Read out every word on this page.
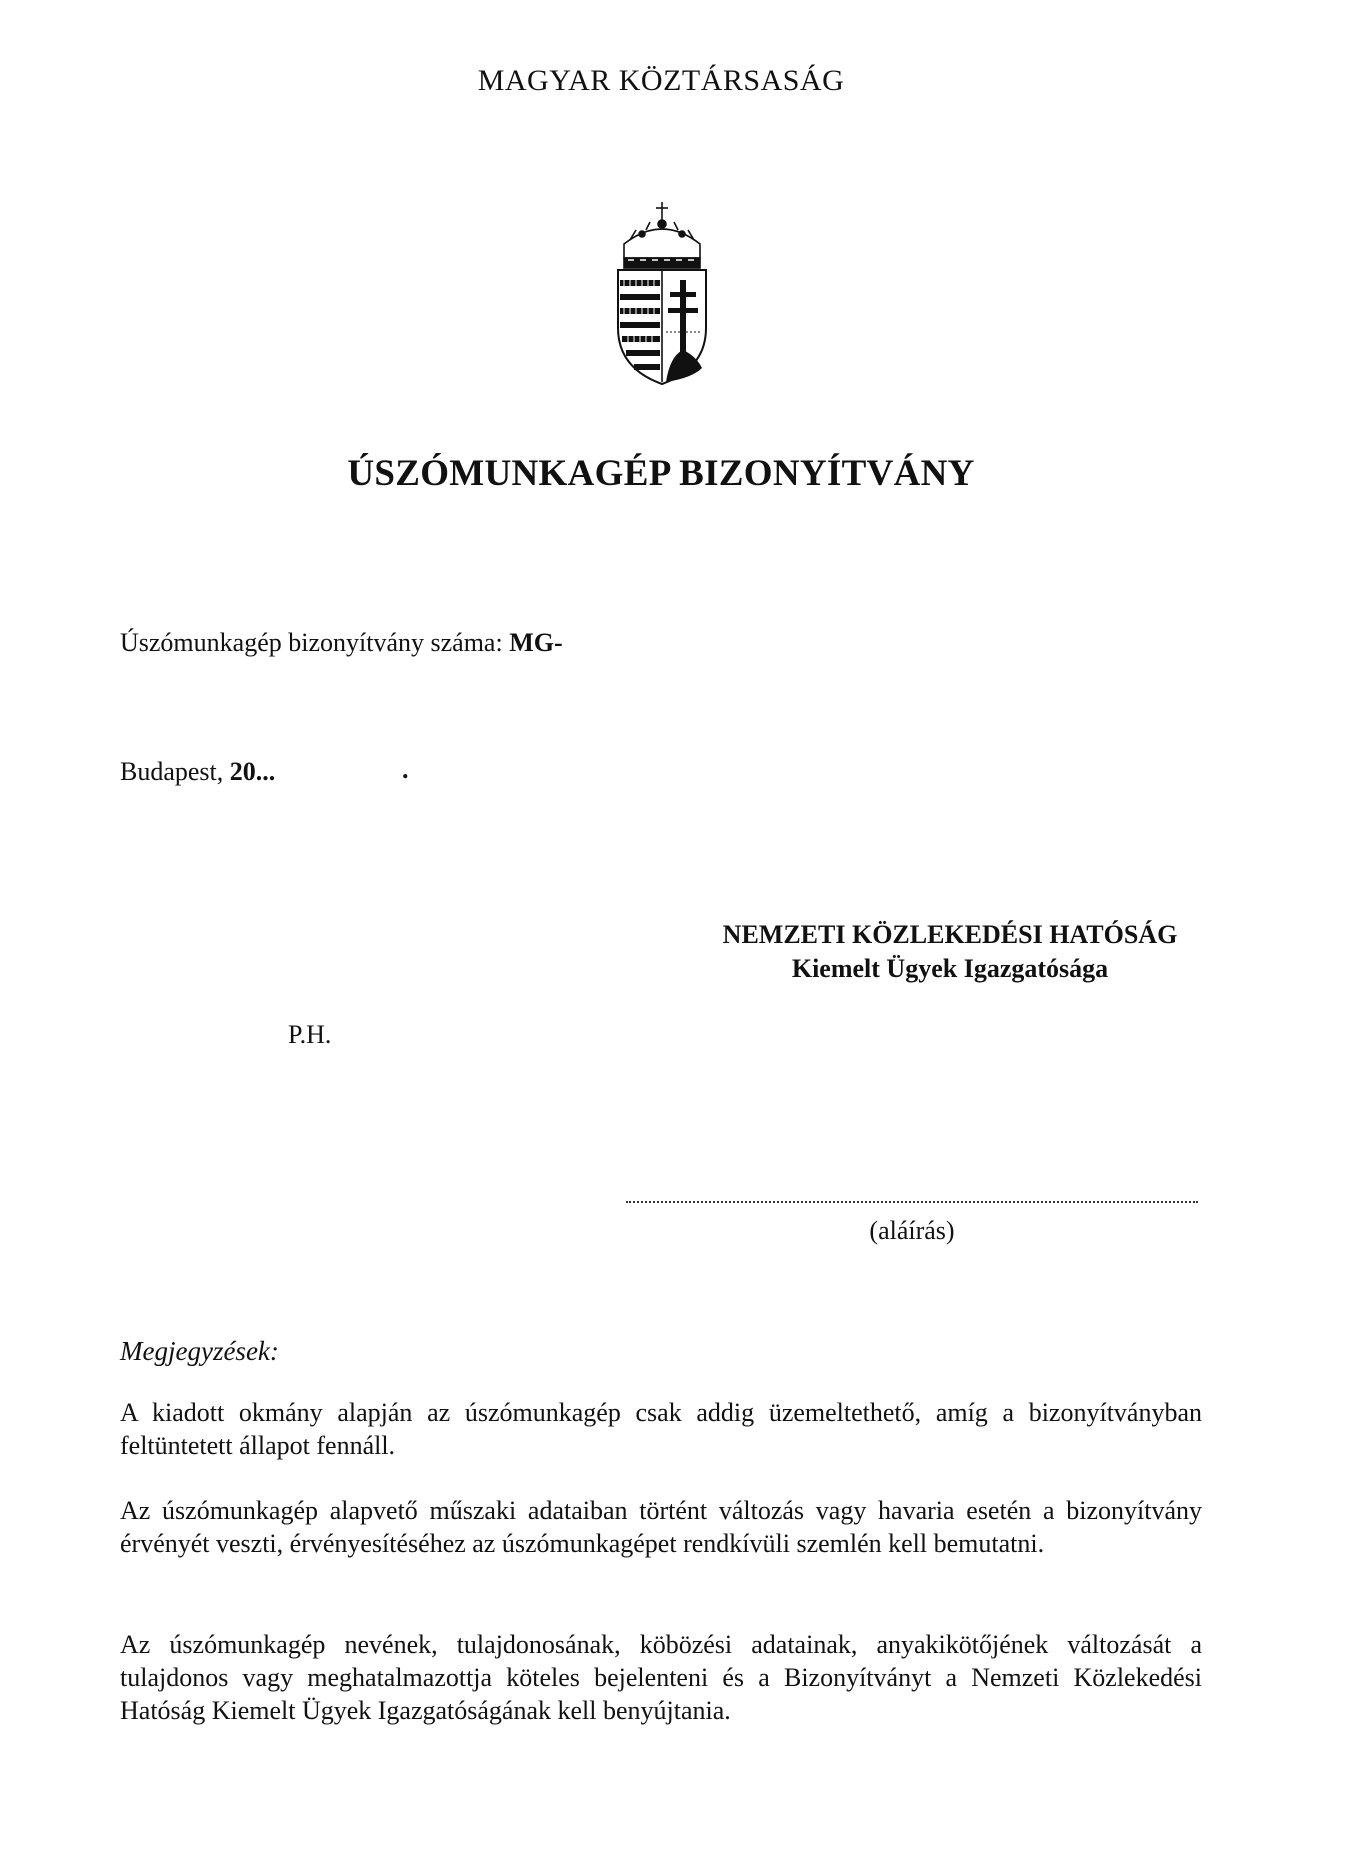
MAGYAR KÖZTÁRSASÁG
ÚSZÓMUNKAGÉP BIZONYÍTVÁNY
Úszómunkagép bizonyítvány száma: MG-
Budapest, 20...	.
NEMZETI KÖZLEKEDÉSI HATÓSÁG
Kiemelt Ügyek Igazgatósága
P.H.
(aláírás)
Megjegyzések:
A kiadott okmány alapján az úszómunkagép csak addig üzemeltethető, amíg a bizonyítványban feltüntetett állapot fennáll.
Az úszómunkagép alapvető műszaki adataiban történt változás vagy havaria esetén a bizonyítvány érvényét veszti, érvényesítéséhez az úszómunkagépet rendkívüli szemlén kell bemutatni.
Az úszómunkagép nevének, tulajdonosának, köbözési adatainak, anyakikötőjének változását a tulajdonos vagy meghatalmazottja köteles bejelenteni és a Bizonyítványt a Nemzeti Közlekedési Hatóság Kiemelt Ügyek Igazgatóságának kell benyújtania.
